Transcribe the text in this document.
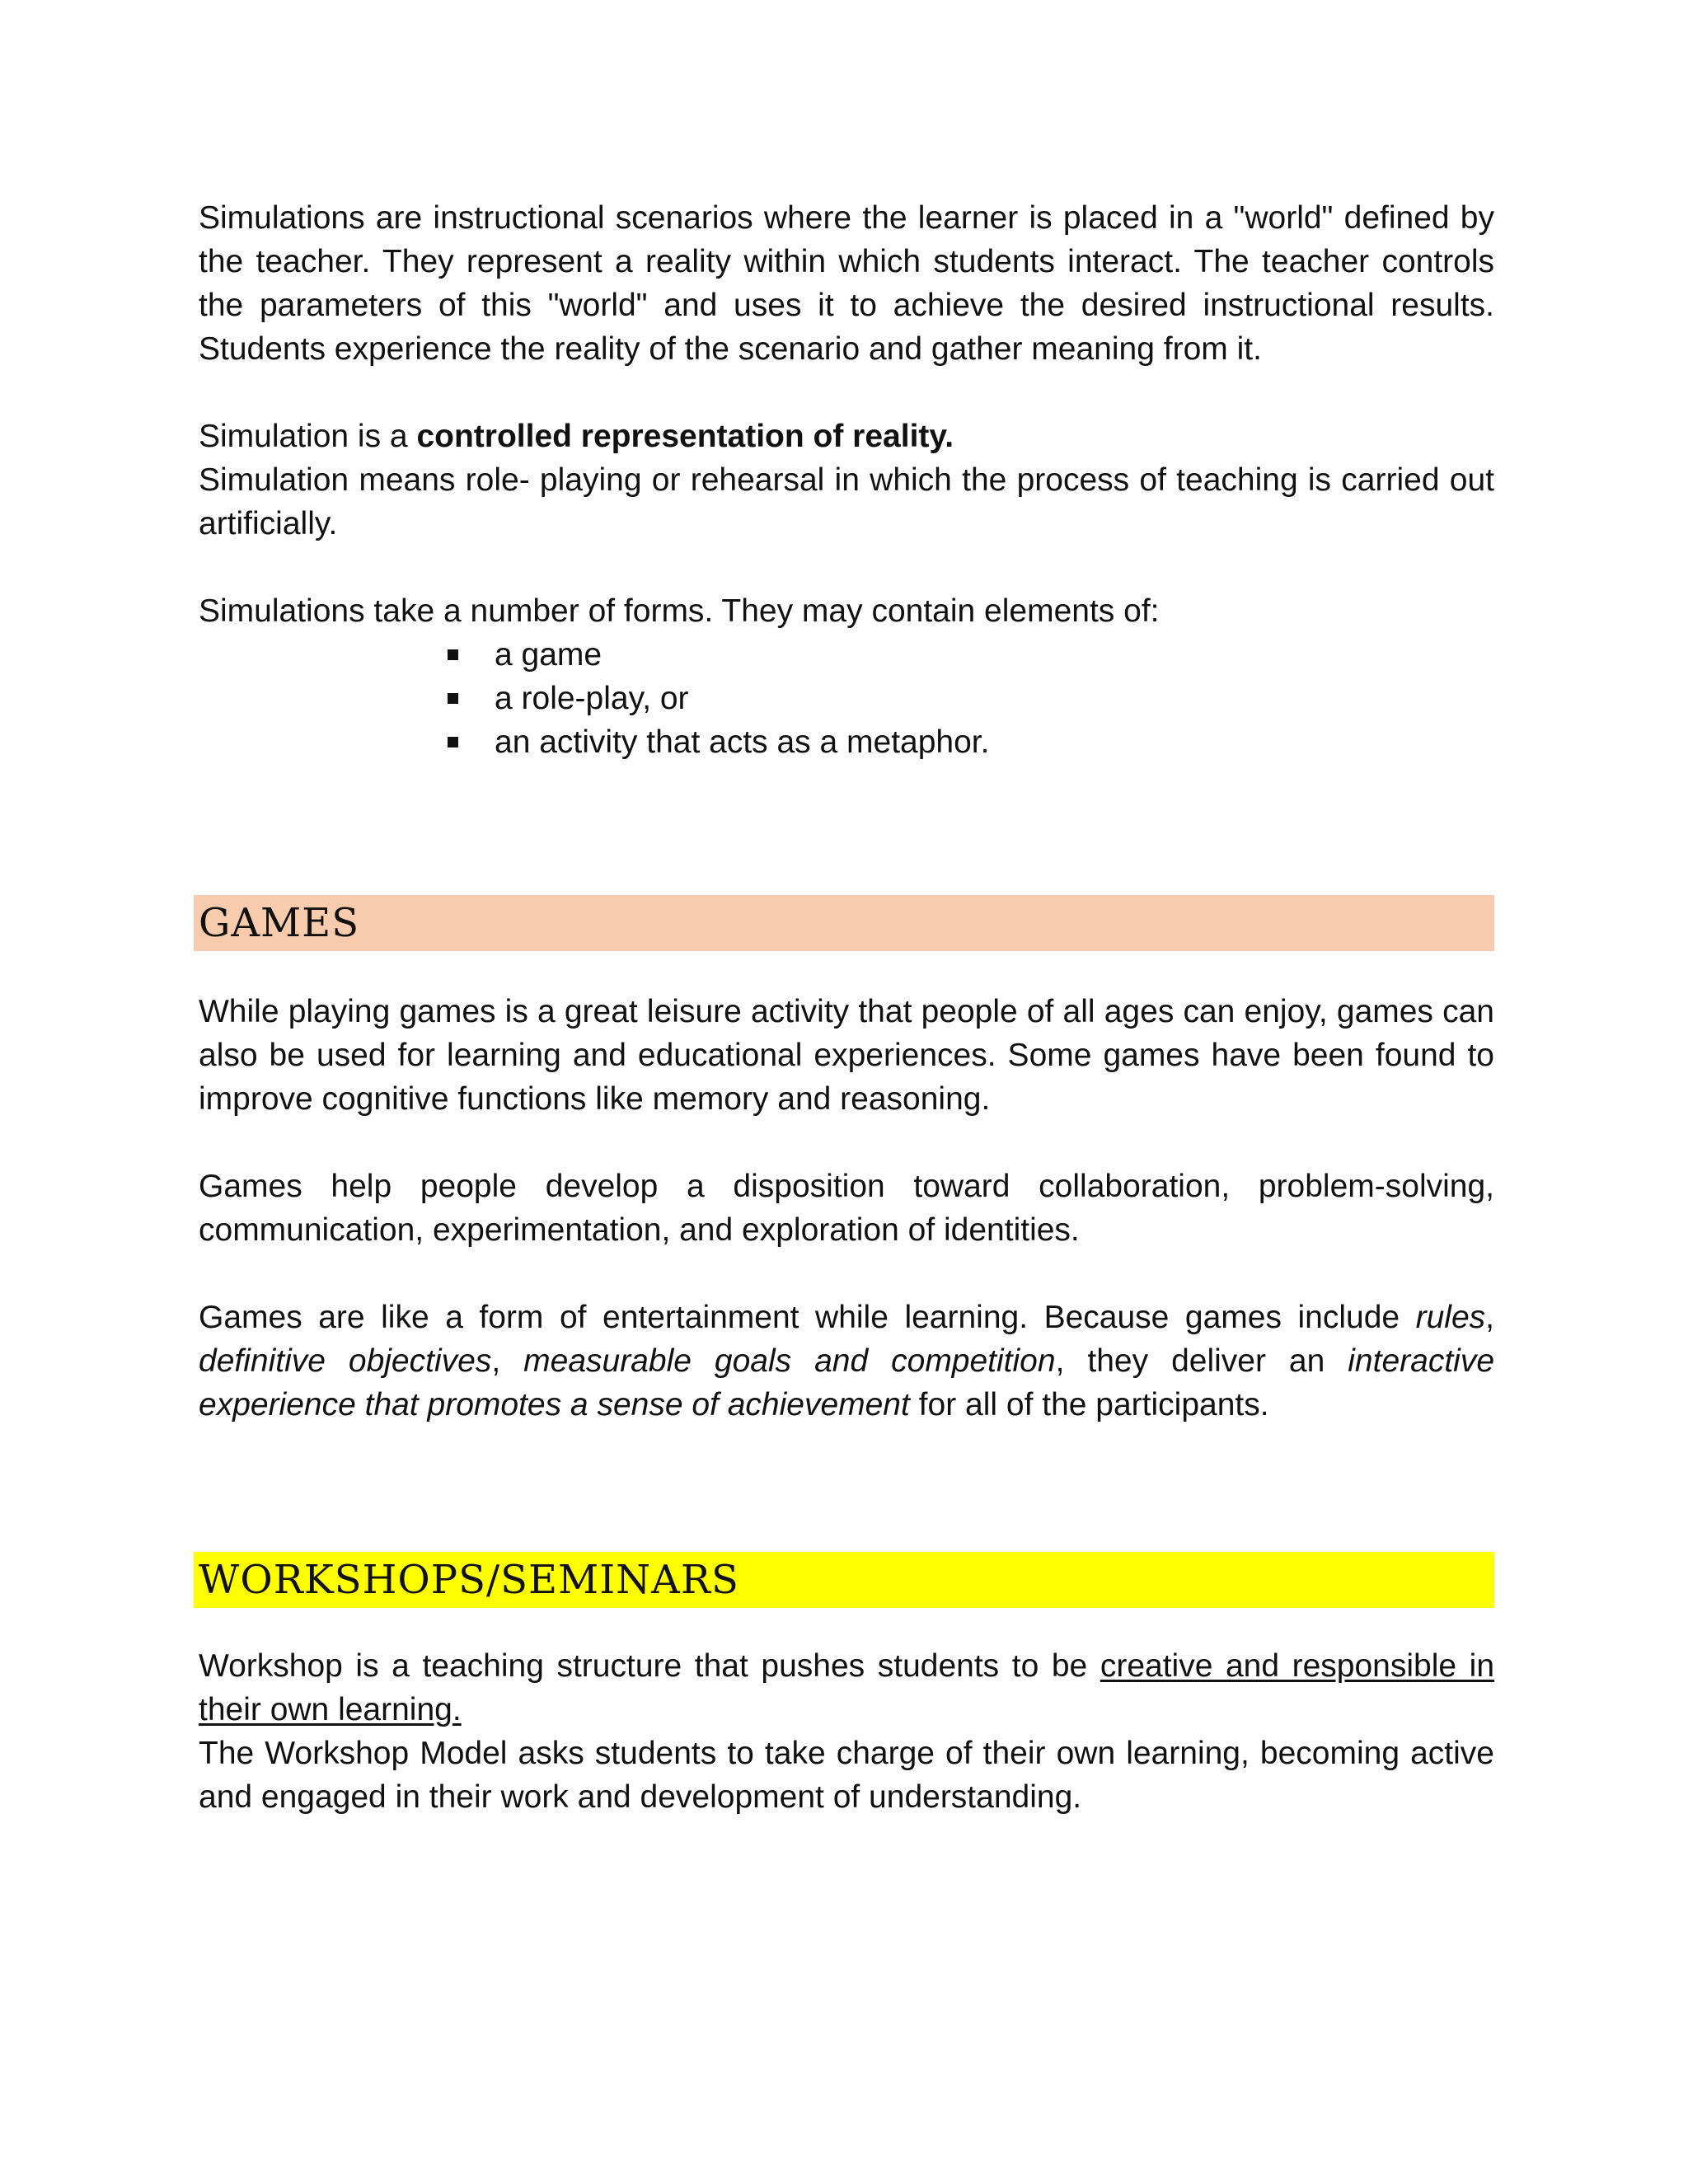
Simulations are instructional scenarios where the learner is placed in a "world" defined by the teacher. They represent a reality within which students interact. The teacher controls the parameters of this "world" and uses it to achieve the desired instructional results. Students experience the reality of the scenario and gather meaning from it.

Simulation is a controlled representation of reality.

Simulation means role- playing or rehearsal in which the process of teaching is carried out artificially.

Simulations take a number of forms. They may contain elements of:

a game
a role-play, or
an activity that acts as a metaphor.
GAMES

While playing games is a great leisure activity that people of all ages can enjoy, games can also be used for learning and educational experiences. Some games have been found to improve cognitive functions like memory and reasoning.

Games help people develop a disposition toward collaboration, problem-solving, communication, experimentation, and exploration of identities.

Games are like a form of entertainment while learning. Because games include rules, definitive objectives, measurable goals and competition, they deliver an interactive experience that promotes a sense of achievement for all of the participants.

WORKSHOPS/SEMINARS

Workshop is a teaching structure that pushes students to be creative and responsible in their own learning.

The Workshop Model asks students to take charge of their own learning, becoming active and engaged in their work and development of understanding.
